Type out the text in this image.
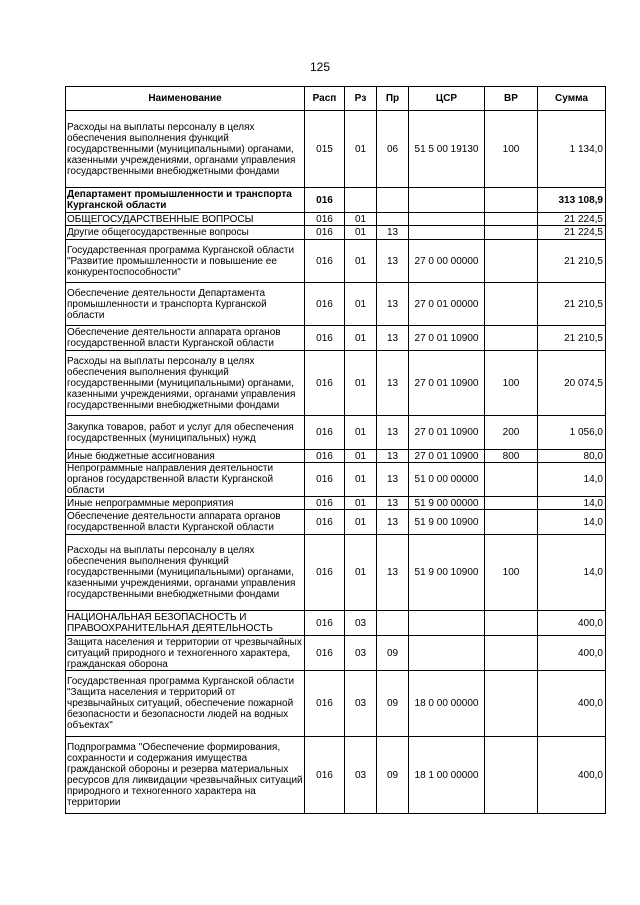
125
Наименование	Расп	Рз	Пр	ЦСР	ВР	Сумма
Расходы на выплаты персоналу в целях обеспечения выполнения функций государственными (муниципальными) органами, казенными учреждениями, органами управления государственными внебюджетными фондами	015	01	06	51 5 00 19130	100	1 134,0
Департамент промышленности и транспорта Курганской области	016					313 108,9
ОБЩЕГОСУДАРСТВЕННЫЕ ВОПРОСЫ	016	01				21 224,5
Другие общегосударственные вопросы	016	01	13			21 224,5
Государственная программа Курганской области "Развитие промышленности и повышение ее конкурентоспособности"	016	01	13	27 0 00 00000		21 210,5
Обеспечение деятельности Департамента промышленности и транспорта Курганской области	016	01	13	27 0 01 00000		21 210,5
Обеспечение деятельности аппарата органов государственной власти Курганской области	016	01	13	27 0 01 10900		21 210,5
Расходы на выплаты персоналу в целях обеспечения выполнения функций государственными (муниципальными) органами, казенными учреждениями, органами управления государственными внебюджетными фондами	016	01	13	27 0 01 10900	100	20 074,5
Закупка товаров, работ и услуг для обеспечения государственных (муниципальных) нужд	016	01	13	27 0 01 10900	200	1 056,0
Иные бюджетные ассигнования	016	01	13	27 0 01 10900	800	80,0
Непрограммные направления деятельности органов государственной власти Курганской области	016	01	13	51 0 00 00000		14,0
Иные непрограммные мероприятия	016	01	13	51 9 00 00000		14,0
Обеспечение деятельности аппарата органов государственной власти Курганской области	016	01	13	51 9 00 10900		14,0
Расходы на выплаты персоналу в целях обеспечения выполнения функций государственными (муниципальными) органами, казенными учреждениями, органами управления государственными внебюджетными фондами	016	01	13	51 9 00 10900	100	14,0
НАЦИОНАЛЬНАЯ БЕЗОПАСНОСТЬ И ПРАВООХРАНИТЕЛЬНАЯ ДЕЯТЕЛЬНОСТЬ	016	03				400,0
Защита населения и территории от чрезвычайных ситуаций природного и техногенного характера, гражданская оборона	016	03	09			400,0
Государственная программа Курганской области "Защита населения и территорий от чрезвычайных ситуаций, обеспечение пожарной безопасности и безопасности людей на водных объектах"	016	03	09	18 0 00 00000		400,0
Подпрограмма "Обеспечение формирования, сохранности и содержания имущества гражданской обороны и резерва материальных ресурсов для ликвидации чрезвычайных ситуаций природного и техногенного характера на территории	016	03	09	18 1 00 00000		400,0
